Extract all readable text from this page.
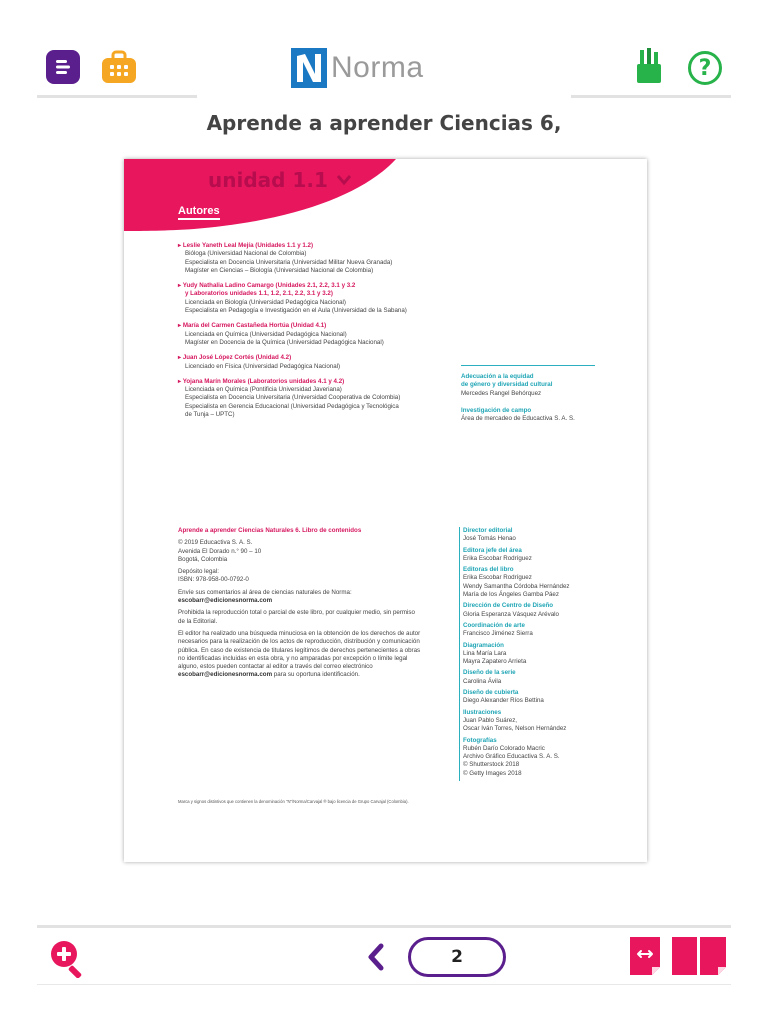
Norma	?
Aprende a aprender Ciencias 6,
unidad 1.1
Autores
▸ Leslie Yaneth Leal Mejía (Unidades 1.1 y 1.2)
Bióloga (Universidad Nacional de Colombia)
Especialista en Docencia Universitaria (Universidad Militar Nueva Granada)
Magíster en Ciencias – Biología (Universidad Nacional de Colombia)
▸ Yudy Nathalia Ladino Camargo (Unidades 2.1, 2.2, 3.1 y 3.2
y Laboratorios unidades 1.1, 1.2, 2.1, 2.2, 3.1 y 3.2)
Licenciada en Biología (Universidad Pedagógica Nacional)
Especialista en Pedagogía e Investigación en el Aula (Universidad de la Sabana)
▸ María del Carmen Castañeda Hortúa (Unidad 4.1)
Licenciada en Química (Universidad Pedagógica Nacional)
Magíster en Docencia de la Química (Universidad Pedagógica Nacional)
▸ Juan José López Cortés (Unidad 4.2)
Licenciado en Física (Universidad Pedagógica Nacional)
▸ Yojana Marín Morales (Laboratorios unidades 4.1 y 4.2)
Licenciada en Química (Pontificia Universidad Javeriana)
Especialista en Docencia Universitaria (Universidad Cooperativa de Colombia)
Especialista en Gerencia Educacional (Universidad Pedagógica y Tecnológica
de Tunja – UPTC)
Adecuación a la equidad
de género y diversidad cultural
Mercedes Rangel Behórquez
Investigación de campo
Área de mercadeo de Educactiva S. A. S.

Aprende a aprender Ciencias Naturales 6. Libro de contenidos

© 2019 Educactiva S. A. S.
Avenida El Dorado n.° 90 – 10
Bogotá, Colombia

Depósito legal:
ISBN: 978-958-00-0792-0

Envíe sus comentarios al área de ciencias naturales de Norma:
escobarr@edicionesnorma.com

Prohibida la reproducción total o parcial de este libro, por cualquier medio, sin permiso de la Editorial.

El editor ha realizado una búsqueda minuciosa en la obtención de los derechos de autor necesarios para la realización de los actos de reproducción, distribución y comunicación pública. En caso de existencia de titulares legítimos de derechos pertenecientes a obras no identificadas incluidas en esta obra, y no amparadas por excepción o límite legal alguno, estos pueden contactar al editor a través del correo electrónico escobarr@edicionesnorma.com para su oportuna identificación.

Director editorial
José Tomás Henao
Editora jefe del área
Erika Escobar Rodríguez
Editoras del libro
Erika Escobar Rodríguez
Wendy Samantha Córdoba Hernández
María de los Ángeles Gamba Páez
Dirección de Centro de Diseño
Gloria Esperanza Vásquez Arévalo
Coordinación de arte
Francisco Jiménez Sierra
Diagramación
Lina María Lara
Mayra Zapatero Arrieta
Diseño de la serie
Carolina Ávila
Diseño de cubierta
Diego Alexander Ríos Bettina
Ilustraciones
Juan Pablo Suárez,
Oscar Iván Torres, Nelson Hernández
Fotografías
Rubén Darío Colorado Macric
Archivo Gráfico Educactiva S. A. S.
© Shutterstock 2018
© Getty Images 2018
Marca y signos distintivos que contienen la denominación "N"/Norma/Carvajal ® bajo licencia de Grupo Carvajal (Colombia).
2
